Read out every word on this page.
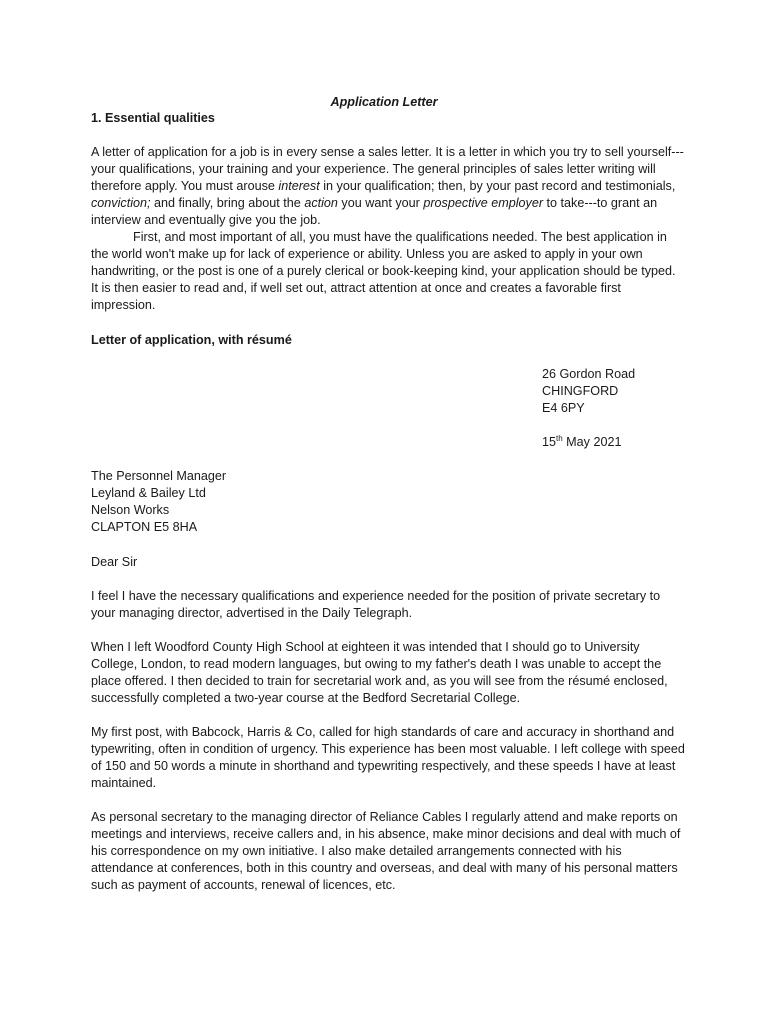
Application Letter

1. Essential qualities

A letter of application for a job is in every sense a sales letter. It is a letter in which you try to sell yourself---your qualifications, your training and your experience. The general principles of sales letter writing will therefore apply. You must arouse interest in your qualification; then, by your past record and testimonials, conviction; and finally, bring about the action you want your prospective employer to take---to grant an interview and eventually give you the job.

First, and most important of all, you must have the qualifications needed. The best application in the world won't make up for lack of experience or ability. Unless you are asked to apply in your own handwriting, or the post is one of a purely clerical or book-keeping kind, your application should be typed. It is then easier to read and, if well set out, attract attention at once and creates a favorable first impression.

Letter of application, with résumé

26 Gordon Road
CHINGFORD
E4 6PY
15th May 2021
The Personnel Manager
Leyland & Bailey Ltd
Nelson Works
CLAPTON E5 8HA

Dear Sir

I feel I have the necessary qualifications and experience needed for the position of private secretary to your managing director, advertised in the Daily Telegraph.

When I left Woodford County High School at eighteen it was intended that I should go to University College, London, to read modern languages, but owing to my father's death I was unable to accept the place offered. I then decided to train for secretarial work and, as you will see from the résumé enclosed, successfully completed a two-year course at the Bedford Secretarial College.

My first post, with Babcock, Harris & Co, called for high standards of care and accuracy in shorthand and typewriting, often in condition of urgency. This experience has been most valuable. I left college with speed of 150 and 50 words a minute in shorthand and typewriting respectively, and these speeds I have at least maintained.

As personal secretary to the managing director of Reliance Cables I regularly attend and make reports on meetings and interviews, receive callers and, in his absence, make minor decisions and deal with much of his correspondence on my own initiative. I also make detailed arrangements connected with his attendance at conferences, both in this country and overseas, and deal with many of his personal matters such as payment of accounts, renewal of licences, etc.
